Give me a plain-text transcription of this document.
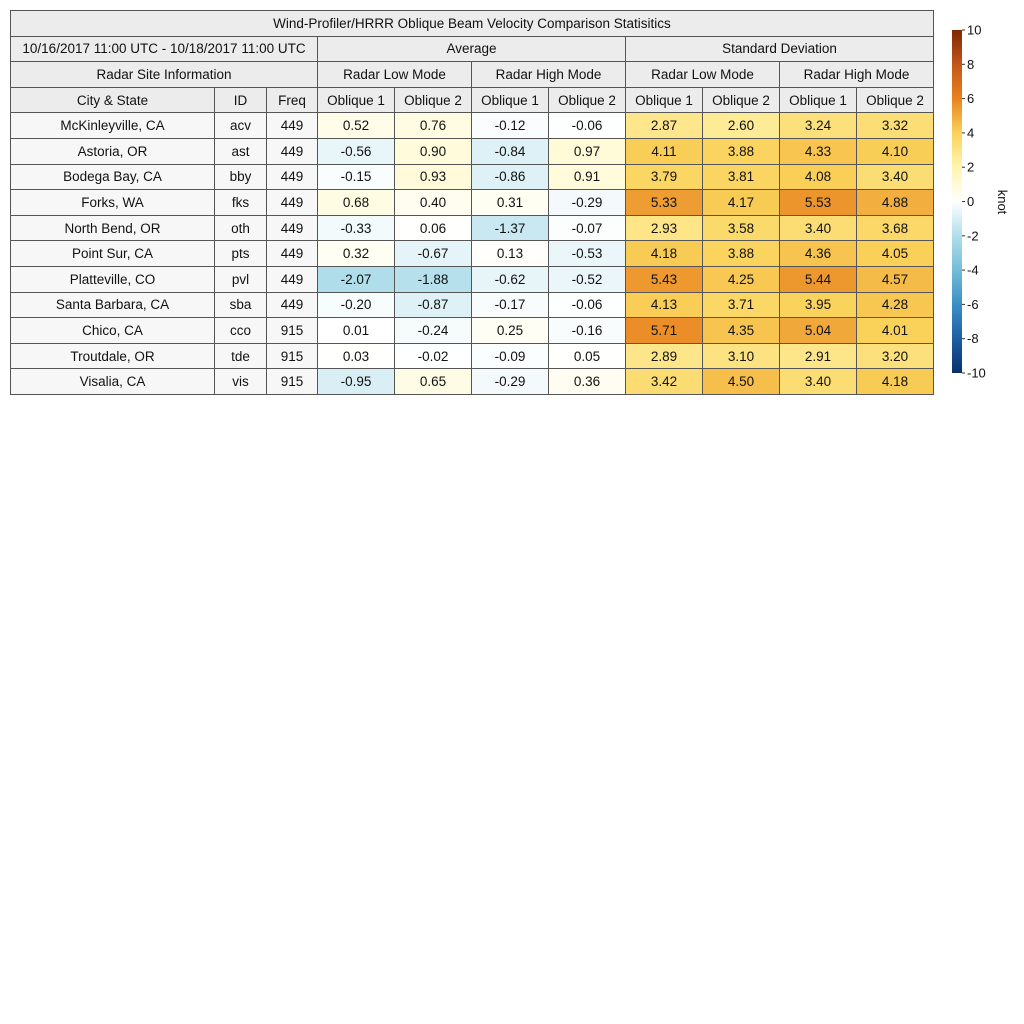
Wind-Profiler/HRRR Oblique Beam Velocity Comparison Statisitics										
10/16/2017 11:00 UTC - 10/18/2017 11:00 UTC			Average				Standard Deviation			
Radar Site Information			Radar Low Mode		Radar High Mode		Radar Low Mode		Radar High Mode	
City & State	ID	Freq	Oblique 1	Oblique 2	Oblique 1	Oblique 2	Oblique 1	Oblique 2	Oblique 1	Oblique 2
McKinleyville, CA	acv	449	0.52	0.76	-0.12	-0.06	2.87	2.60	3.24	3.32
Astoria, OR	ast	449	-0.56	0.90	-0.84	0.97	4.11	3.88	4.33	4.10
Bodega Bay, CA	bby	449	-0.15	0.93	-0.86	0.91	3.79	3.81	4.08	3.40
Forks, WA	fks	449	0.68	0.40	0.31	-0.29	5.33	4.17	5.53	4.88
North Bend, OR	oth	449	-0.33	0.06	-1.37	-0.07	2.93	3.58	3.40	3.68
Point Sur, CA	pts	449	0.32	-0.67	0.13	-0.53	4.18	3.88	4.36	4.05
Platteville, CO	pvl	449	-2.07	-1.88	-0.62	-0.52	5.43	4.25	5.44	4.57
Santa Barbara, CA	sba	449	-0.20	-0.87	-0.17	-0.06	4.13	3.71	3.95	4.28
Chico, CA	cco	915	0.01	-0.24	0.25	-0.16	5.71	4.35	5.04	4.01
Troutdale, OR	tde	915	0.03	-0.02	-0.09	0.05	2.89	3.10	2.91	3.20
Visalia, CA	vis	915	-0.95	0.65	-0.29	0.36	3.42	4.50	3.40	4.18
10
8
6
4
2
0
-2
-4
-6
-8
-10
knot
